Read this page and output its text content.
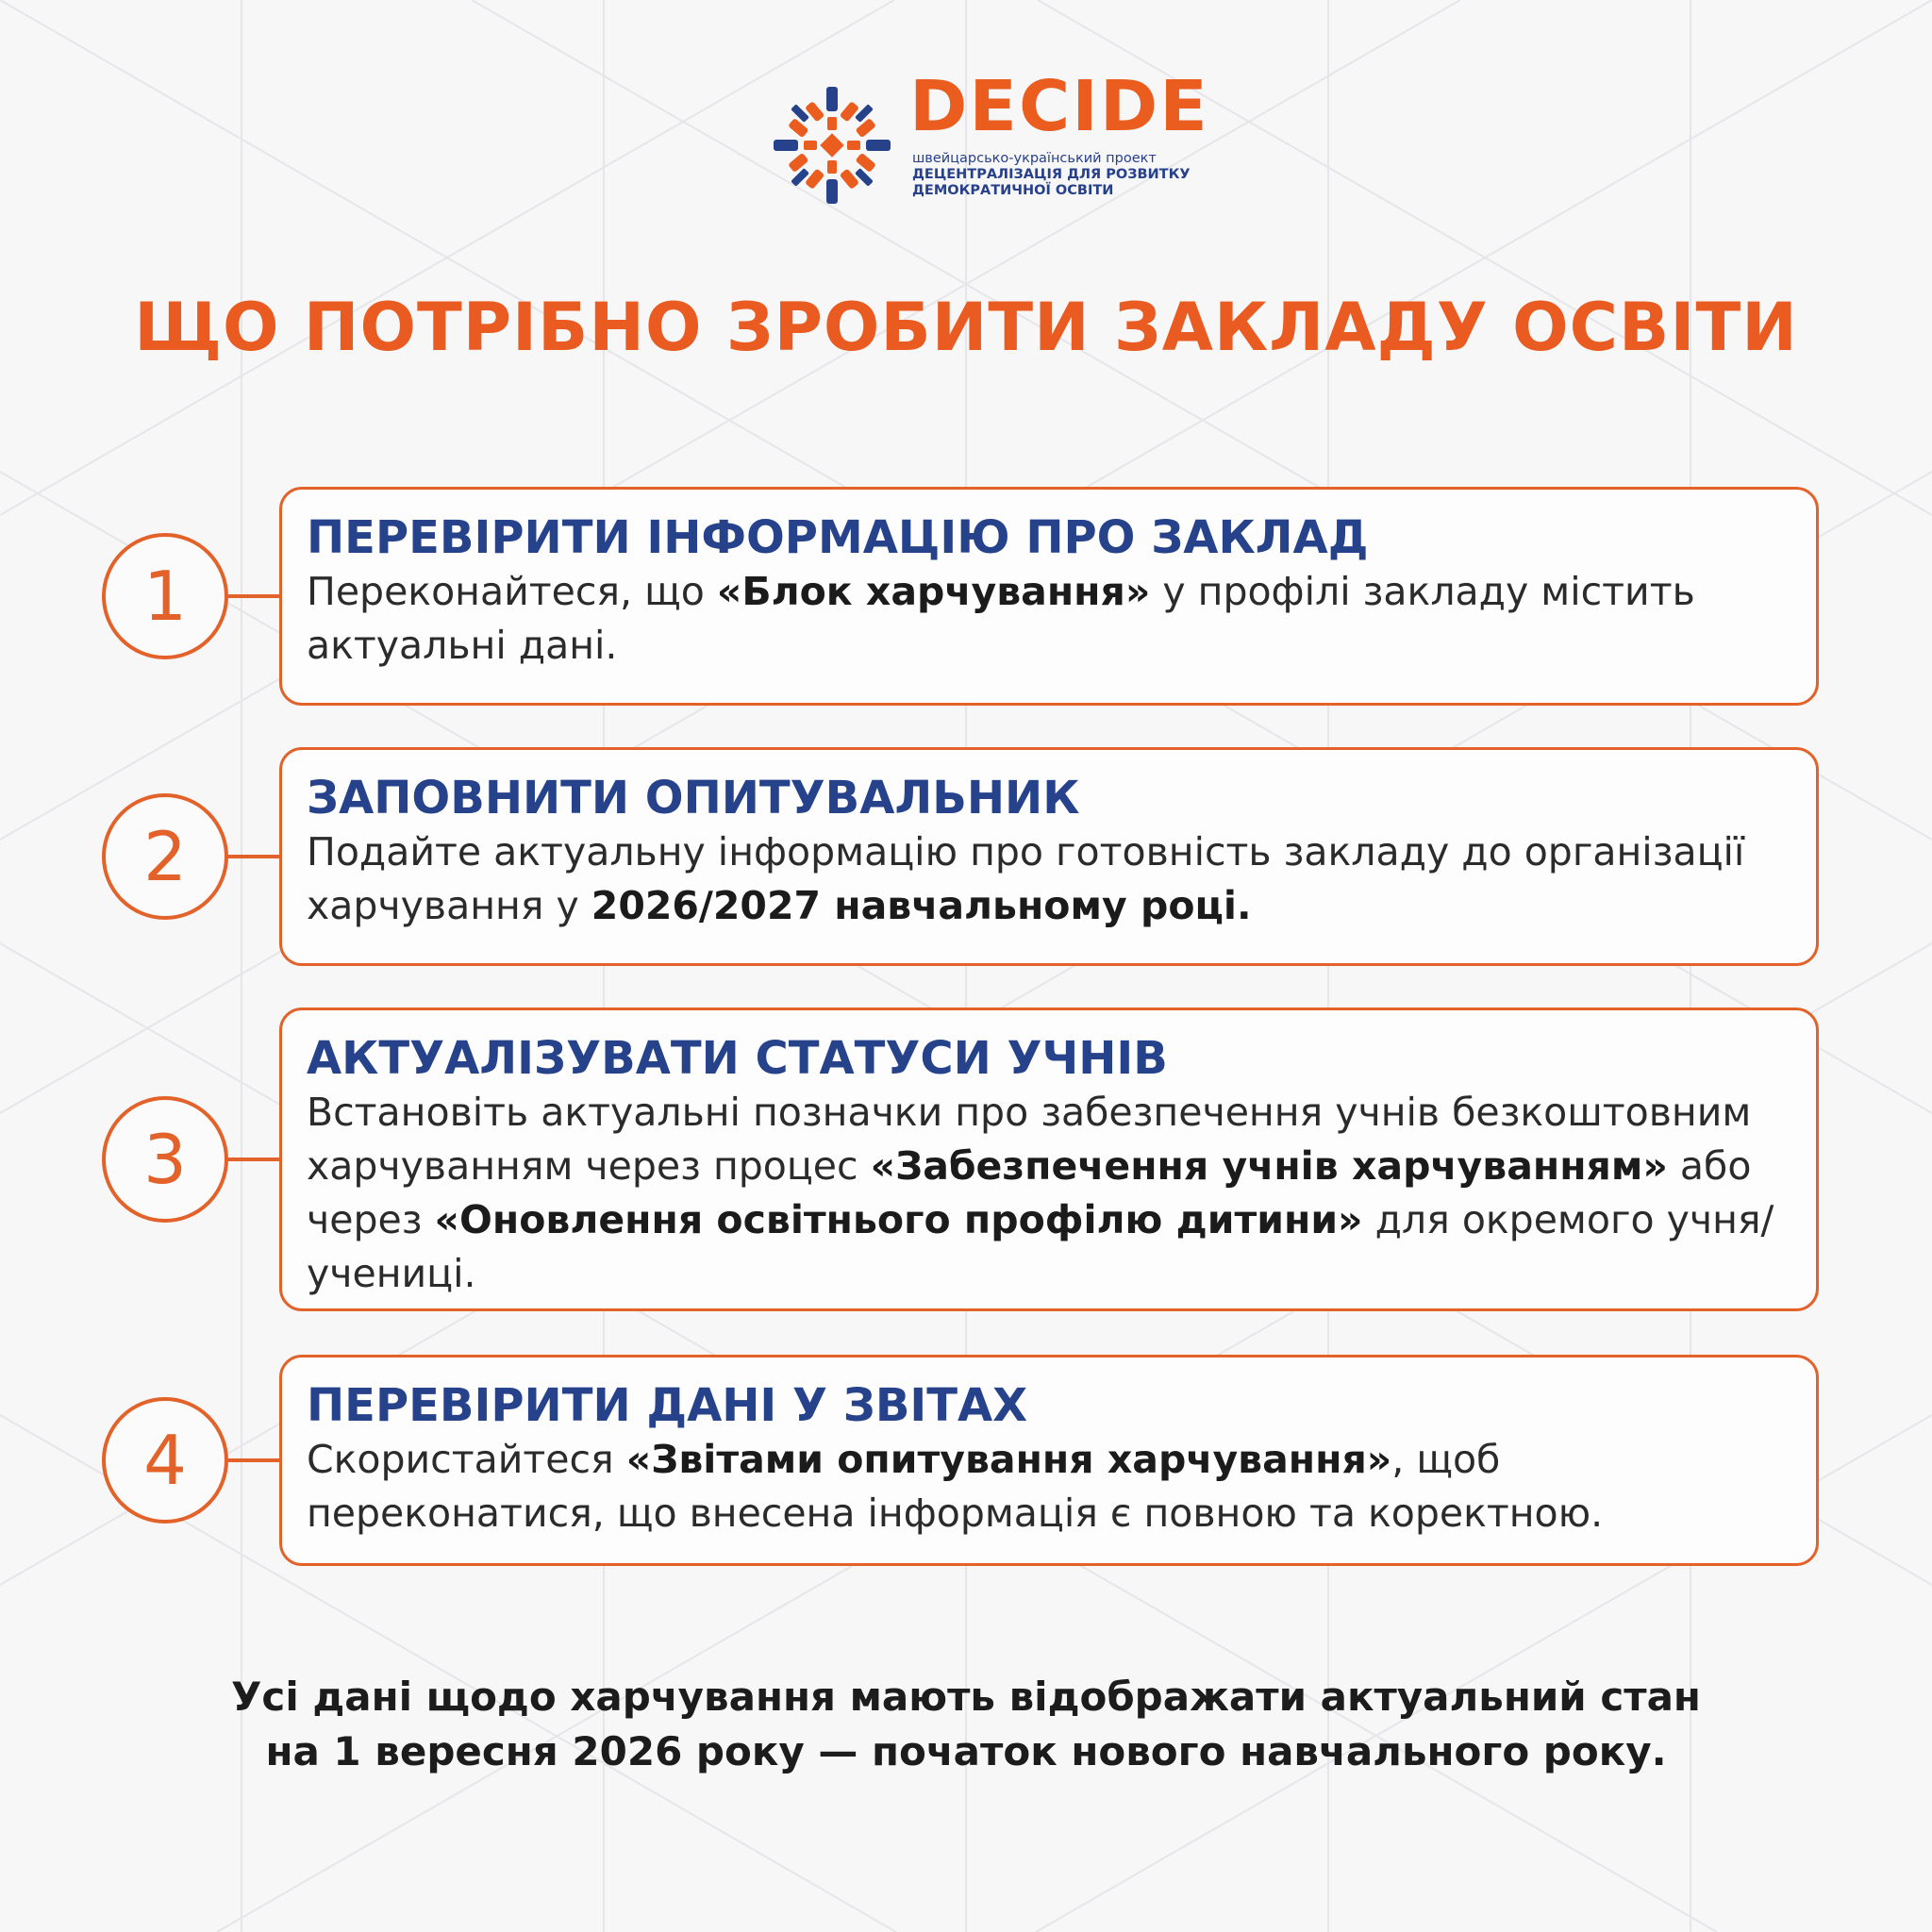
DECIDE
швейцарсько-український проект
ДЕЦЕНТРАЛІЗАЦІЯ ДЛЯ РОЗВИТКУ
ДЕМОКРАТИЧНОЇ ОСВІТИ
ЩО ПОТРІБНО ЗРОБИТИ ЗАКЛАДУ ОСВІТИ
1
ПЕРЕВІРИТИ ІНФОРМАЦІЮ ПРО ЗАКЛАД
Переконайтеся, що «Блок харчування» у профілі закладу містить актуальні дані.
2
ЗАПОВНИТИ ОПИТУВАЛЬНИК
Подайте актуальну інформацію про готовність закладу до організації харчування у 2026/2027 навчальному році.
3
АКТУАЛІЗУВАТИ СТАТУСИ УЧНІВ
Встановіть актуальні позначки про забезпечення учнів безкоштовним харчуванням через процес «Забезпечення учнів харчуванням» або через «Оновлення освітнього профілю дитини» для окремого учня/учениці.
4
ПЕРЕВІРИТИ ДАНІ У ЗВІТАХ
Скористайтеся «Звітами опитування харчування», щоб переконатися, що внесена інформація є повною та коректною.
Усі дані щодо харчування мають відображати актуальний стан
на 1 вересня 2026 року — початок нового навчального року.
